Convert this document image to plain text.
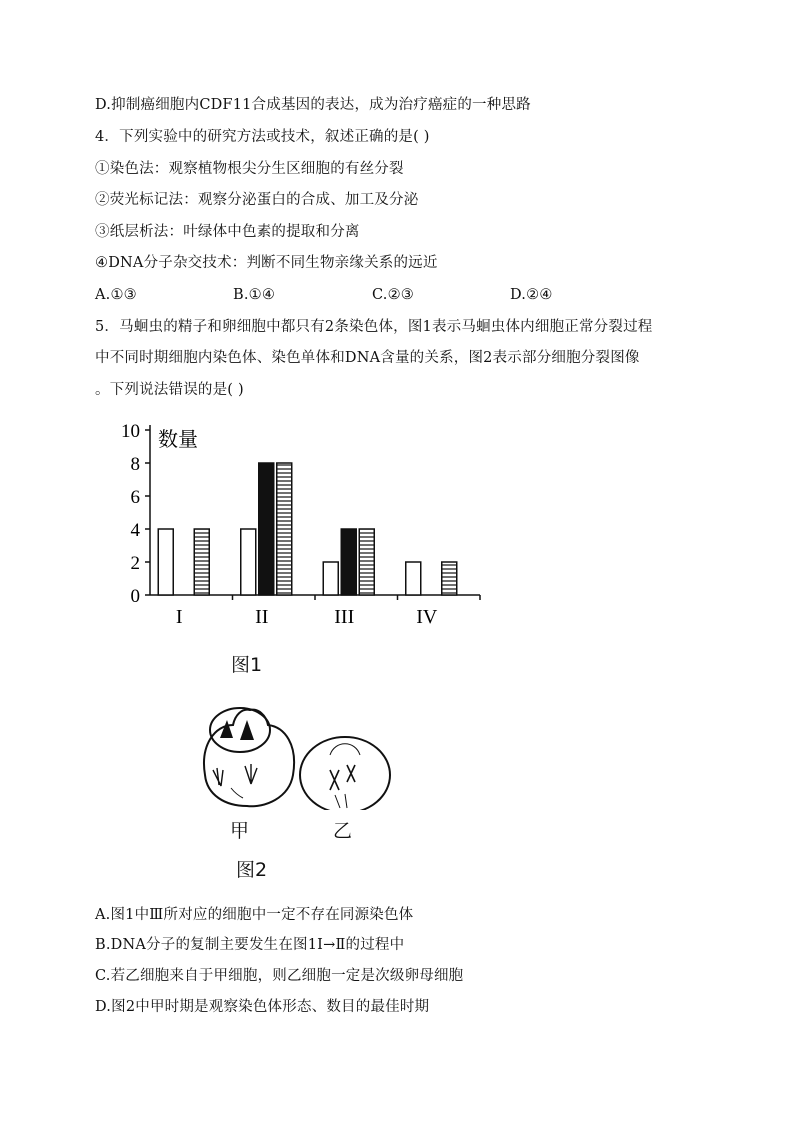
D.抑制癌细胞内CDF11合成基因的表达，成为治疗癌症的一种思路
4．下列实验中的研究方法或技术，叙述正确的是( )
①染色法：观察植物根尖分生区细胞的有丝分裂
②荧光标记法：观察分泌蛋白的合成、加工及分泌
③纸层析法：叶绿体中色素的提取和分离
④DNA分子杂交技术：判断不同生物亲缘关系的远近
A.①③	B.①④	C.②③	D.②④
5．马蛔虫的精子和卵细胞中都只有2条染色体，图1表示马蛔虫体内细胞正常分裂过程
中不同时期细胞内染色体、染色单体和DNA含量的关系，图2表示部分细胞分裂图像
。下列说法错误的是( )
0
2
4
6
8
10 数量
I	II	III	IV
图1
甲	乙
图2
A.图1中Ⅲ所对应的细胞中一定不存在同源染色体
B.DNA分子的复制主要发生在图1Ⅰ→Ⅱ的过程中
C.若乙细胞来自于甲细胞，则乙细胞一定是次级卵母细胞
D.图2中甲时期是观察染色体形态、数目的最佳时期
